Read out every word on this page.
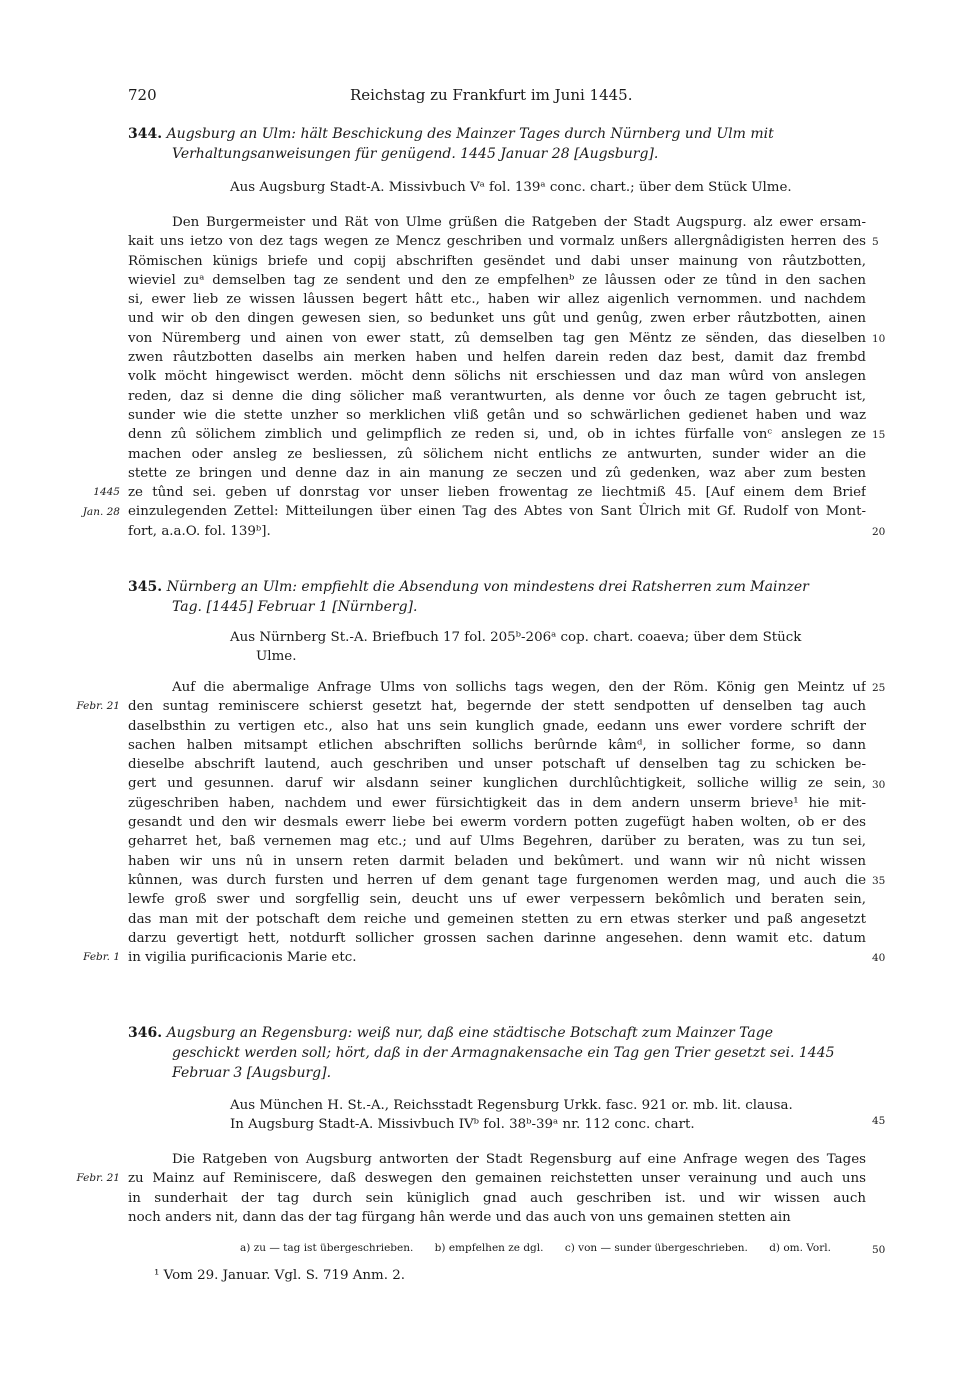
720	Reichstag zu Frankfurt im Juni 1445.
344. Augsburg an Ulm: hält Beschickung des Mainzer Tages durch Nürnberg und Ulm mit
Verhaltungsanweisungen für genügend. 1445 Januar 28 [Augsburg].
Aus Augsburg Stadt-A. Missivbuch Vᵃ fol. 139ᵃ conc. chart.; über dem Stück Ulme.
Den Burgermeister und Rät von Ulme grüßen die Ratgeben der Stadt Augspurg. alz ewer ersam-
kait uns ietzo von dez tags wegen ze Mencz geschriben und vormalz unßers allergnâdigisten herren des
Römischen künigs briefe und copij abschriften gesëndet und dabi unser mainung von râutzbotten,
wieviel zuᵃ demselben tag ze sendent und den ze empfelhenᵇ ze lâussen oder ze tûnd in den sachen
si, ewer lieb ze wissen lâussen begert hâtt etc., haben wir allez aigenlich vernommen. und nachdem
und wir ob den dingen gewesen sien, so bedunket uns gût und genûg, zwen erber râutzbotten, ainen
von Nüremberg und ainen von ewer statt, zû demselben tag gen Mëntz ze sënden, das dieselben
zwen râutzbotten daselbs ain merken haben und helfen darein reden daz best, damit daz frembd
volk möcht hingewisct werden. möcht denn sölichs nit erschiessen und daz man wûrd von anslegen
reden, daz si denne die ding sölicher maß verantwurten, als denne vor ôuch ze tagen gebrucht ist,
sunder wie die stette unzher so merklichen vliß getân und so schwärlichen gedienet haben und waz
denn zû sölichem zimblich und gelimpflich ze reden si, und, ob in ichtes fürfalle vonᶜ anslegen ze
machen oder ansleg ze besliessen, zû sölichem nicht entlichs ze antwurten, sunder wider an die
stette ze bringen und denne daz in ain manung ze seczen und zû gedenken, waz aber zum besten
ze tûnd sei. geben uf donrstag vor unser lieben frowentag ze liechtmiß 45. [Auf einem dem Brief
einzulegenden Zettel: Mitteilungen über einen Tag des Abtes von Sant Ûlrich mit Gf. Rudolf von Mont-
fort, a.a.O. fol. 139ᵇ].
345. Nürnberg an Ulm: empfiehlt die Absendung von mindestens drei Ratsherren zum Mainzer
Tag. [1445] Februar 1 [Nürnberg].
Aus Nürnberg St.-A. Briefbuch 17 fol. 205ᵇ-206ᵃ cop. chart. coaeva; über dem Stück
Ulme.
Auf die abermalige Anfrage Ulms von sollichs tags wegen, den der Röm. König gen Meintz uf
den suntag reminiscere schierst gesetzt hat, begernde der stett sendpotten uf denselben tag auch
daselbsthin zu vertigen etc., also hat uns sein kunglich gnade, eedann uns ewer vordere schrift der
sachen halben mitsampt etlichen abschriften sollichs berûrnde kâmᵈ, in sollicher forme, so dann
dieselbe abschrift lautend, auch geschriben und unser potschaft uf denselben tag zu schicken be-
gert und gesunnen. daruf wir alsdann seiner kunglichen durchlûchtigkeit, solliche willig ze sein,
zügeschriben haben, nachdem und ewer fürsichtigkeit das in dem andern unserm brieve¹ hie mit-
gesandt und den wir desmals ewerr liebe bei ewerm vordern potten zugefügt haben wolten, ob er des
geharret het, baß vernemen mag etc.; und auf Ulms Begehren, darüber zu beraten, was zu tun sei,
haben wir uns nû in unsern reten darmit beladen und bekûmert. und wann wir nû nicht wissen
kûnnen, was durch fursten und herren uf dem genant tage furgenomen werden mag, und auch die
lewfe groß swer und sorgfellig sein, deucht uns uf ewer verpessern bekômlich und beraten sein,
das man mit der potschaft dem reiche und gemeinen stetten zu ern etwas sterker und paß angesetzt
darzu gevertigt hett, notdurft sollicher grossen sachen darinne angesehen. denn wamit etc. datum
in vigilia purificacionis Marie etc.
346. Augsburg an Regensburg: weiß nur, daß eine städtische Botschaft zum Mainzer Tage
geschickt werden soll; hört, daß in der Armagnakensache ein Tag gen Trier gesetzt sei. 1445
Februar 3 [Augsburg].
Aus München H. St.-A., Reichsstadt Regensburg Urkk. fasc. 921 or. mb. lit. clausa.
In Augsburg Stadt-A. Missivbuch IVᵇ fol. 38ᵇ-39ᵃ nr. 112 conc. chart.
Die Ratgeben von Augsburg antworten der Stadt Regensburg auf eine Anfrage wegen des Tages
zu Mainz auf Reminiscere, daß deswegen den gemainen reichstetten unser verainung und auch uns
in sunderhait der tag durch sein küniglich gnad auch geschriben ist. und wir wissen auch
noch anders nit, dann das der tag fürgang hân werde und das auch von uns gemainen stetten ain
a) zu — tag ist übergeschrieben. b) empfelhen ze dgl. c) von — sunder übergeschrieben. d) om. Vorl.	50
¹ Vom 29. Januar. Vgl. S. 719 Anm. 2.
1445
Jan. 28
5
10
15
20
Febr. 21
Febr. 1
25
30
35
40
Febr. 21
45
